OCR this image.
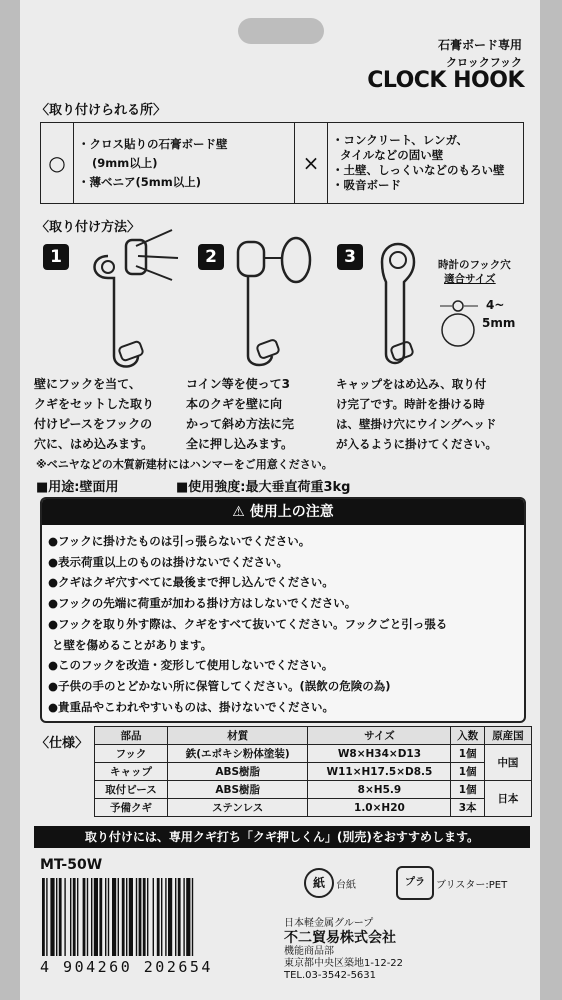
石膏ボード専用
クロックフック
CLOCK HOOK
〈取り付けられる所〉
○	
・クロス貼りの石膏ボード壁
(9mm以上)
・薄ベニア(5mm以上)
	×	
・コンクリート、レンガ、
タイルなどの固い壁
・土壁、しっくいなどのもろい壁
・吸音ボード
〈取り付け方法〉
1	2	3	時計のフック穴
適合サイズ
4~
5mm
壁にフックを当て、
クギをセットした取り
付けピースをフックの
穴に、はめ込みます。
コイン等を使って3
本のクギを壁に向
かって斜め方法に完
全に押し込みます。
キャップをはめ込み、取り付
け完了です。時計を掛ける時
は、壁掛け穴にウイングヘッド
が入るように掛けてください。
※ベニヤなどの木質新建材にはハンマーをご用意ください。
■用途:壁面用	■使用強度:最大垂直荷重3kg
⚠ 使用上の注意
●フックに掛けたものは引っ張らないでください。
●表示荷重以上のものは掛けないでください。
●クギはクギ穴すべてに最後まで押し込んでください。
●フックの先端に荷重が加わる掛け方はしないでください。
●フックを取り外す際は、クギをすべて抜いてください。フックごと引っ張る
と壁を傷めることがあります。
●このフックを改造・変形して使用しないでください。
●子供の手のとどかない所に保管してください。(誤飲の危険の為)
●貴重品やこわれやすいものは、掛けないでください。
〈仕様〉	部品	材質	サイズ	入数	原産国
フック	鉄(エポキシ粉体塗装)	W8×H34×D13	1個	中国
キャップ	ABS樹脂	W11×H17.5×D8.5	1個	
取付ピース	ABS樹脂	8×H5.9	1個	日本
予備クギ	ステンレス	1.0×H20	3本	
取り付けには、専用クギ打ち「クギ押しくん」(別売)をおすすめします。
MT-50W
紙	台紙	プラ	ブリスター:PET
4 904260 202654
日本軽金属グループ
不二貿易株式会社
機能商品部
東京都中央区築地1-12-22
TEL.03-3542-5631
